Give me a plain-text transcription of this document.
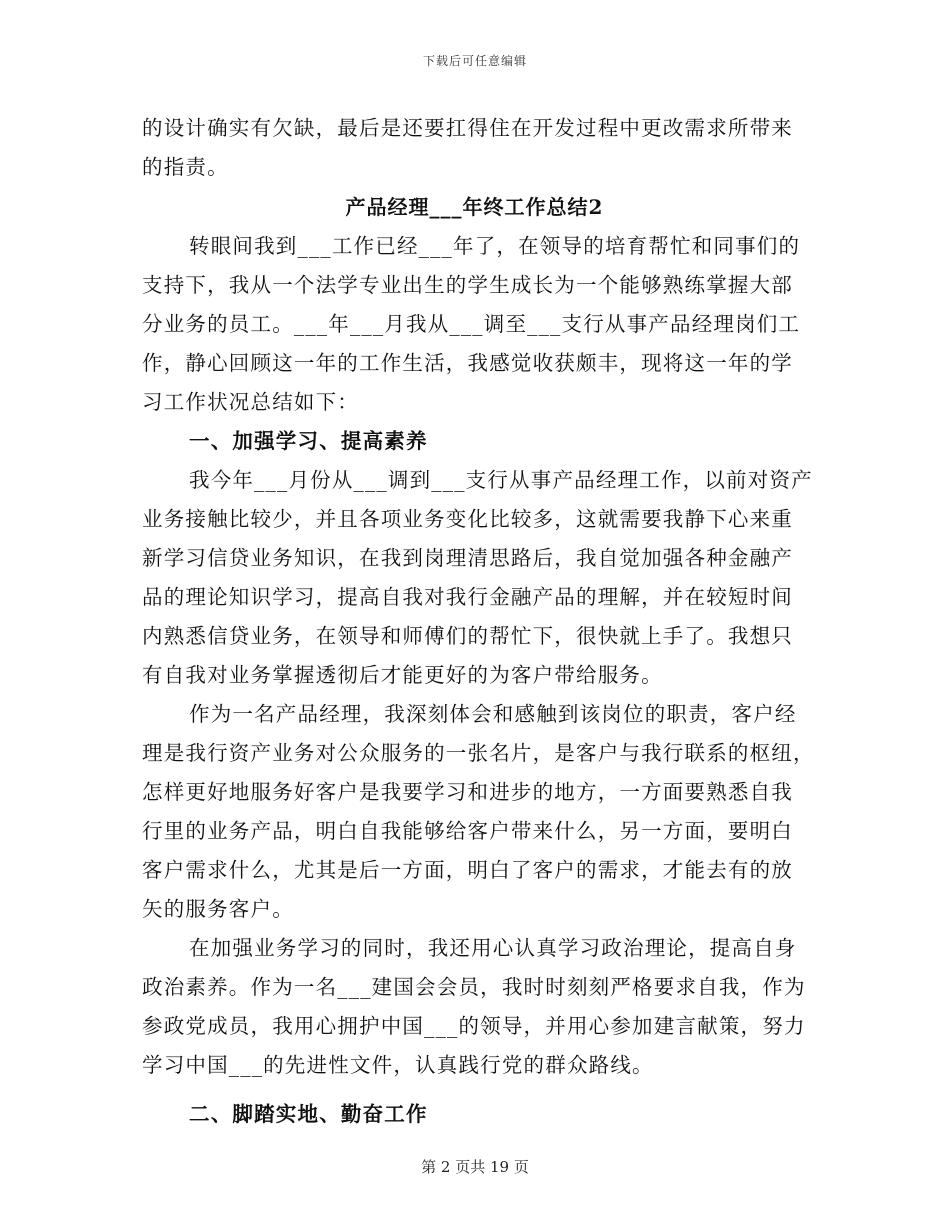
下载后可任意编辑
的设计确实有欠缺，最后是还要扛得住在开发过程中更改需求所带来
的指责。
产品经理___年终工作总结2
转眼间我到___工作已经___年了，在领导的培育帮忙和同事们的
支持下，我从一个法学专业出生的学生成长为一个能够熟练掌握大部
分业务的员工。___年___月我从___调至___支行从事产品经理岗们工
作，静心回顾这一年的工作生活，我感觉收获颇丰，现将这一年的学
习工作状况总结如下：
一、加强学习、提高素养
我今年___月份从___调到___支行从事产品经理工作，以前对资产
业务接触比较少，并且各项业务变化比较多，这就需要我静下心来重
新学习信贷业务知识，在我到岗理清思路后，我自觉加强各种金融产
品的理论知识学习，提高自我对我行金融产品的理解，并在较短时间
内熟悉信贷业务，在领导和师傅们的帮忙下，很快就上手了。我想只
有自我对业务掌握透彻后才能更好的为客户带给服务。
作为一名产品经理，我深刻体会和感触到该岗位的职责，客户经
理是我行资产业务对公众服务的一张名片，是客户与我行联系的枢纽，
怎样更好地服务好客户是我要学习和进步的地方，一方面要熟悉自我
行里的业务产品，明白自我能够给客户带来什么，另一方面，要明白
客户需求什么，尤其是后一方面，明白了客户的需求，才能去有的放
矢的服务客户。
在加强业务学习的同时，我还用心认真学习政治理论，提高自身
政治素养。作为一名___建国会会员，我时时刻刻严格要求自我，作为
参政党成员，我用心拥护中国___的领导，并用心参加建言献策，努力
学习中国___的先进性文件，认真践行党的群众路线。
二、脚踏实地、勤奋工作
第 2 页共 19 页
